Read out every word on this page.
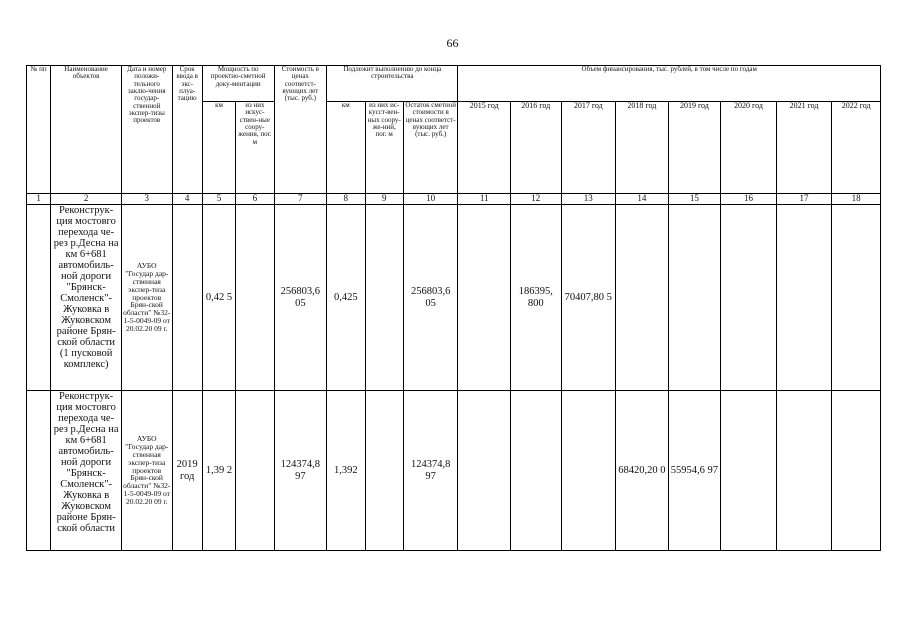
66
№ пп	Наименование объектов	Дата и номер положи-тельного заклю-чения государ-ственной экспер-тизы проектов	Срок ввода в экс-плуа-тацию	Мощность по проектно-сметной доку-ментации		Стоимость в ценах соответст-вующих лет (тыс. руб.)	Подлежит выполнению до конца строительства			Объем финансирования, тыс. рублей, в том числе по годам							
				км	из них искус-ствен-ные соору-жения, пог. м		км	из них ис-кусст-вен-ных соору-же-ний, пог. м	Остаток сметной стоимости в ценах соответст-вующих лет (тыс. руб.)	2015 год	2016 год	2017 год	2018 год	2019 год	2020 год	2021 год	2022 год
1	2	3	4	5	6	7	8	9	10	11	12	13	14	15	16	17	18
	Реконструк-ция мостовго перехода че-рез р.Десна на км 6+681 автомобиль-ной дороги "Брянск-Смоленск"-Жуковка в Жуковском районе Брян-ской области (1 пусковой комплекс)	АУБО "Государ дар-ственная экспер-тиза проектов Брян-ской области" №32-1-5-0049-09 от 20.02.20 09 г.		0,42 5		256803,6 05	0,425		256803,6 05		186395, 800	70407,80 5					
	Реконструк-ция мостовго перехода че-рез р.Десна на км 6+681 автомобиль-ной дороги "Брянск-Смоленск"-Жуковка в Жуковском районе Брян-ской области	АУБО "Государ дар-ственная экспер-тиза проектов Брян-ской области" №32-1-5-0049-09 от 20.02.20 09 г.	2019 год	1,39 2		124374,8 97	1,392		124374,8 97				68420,20 0	55954,6 97			
